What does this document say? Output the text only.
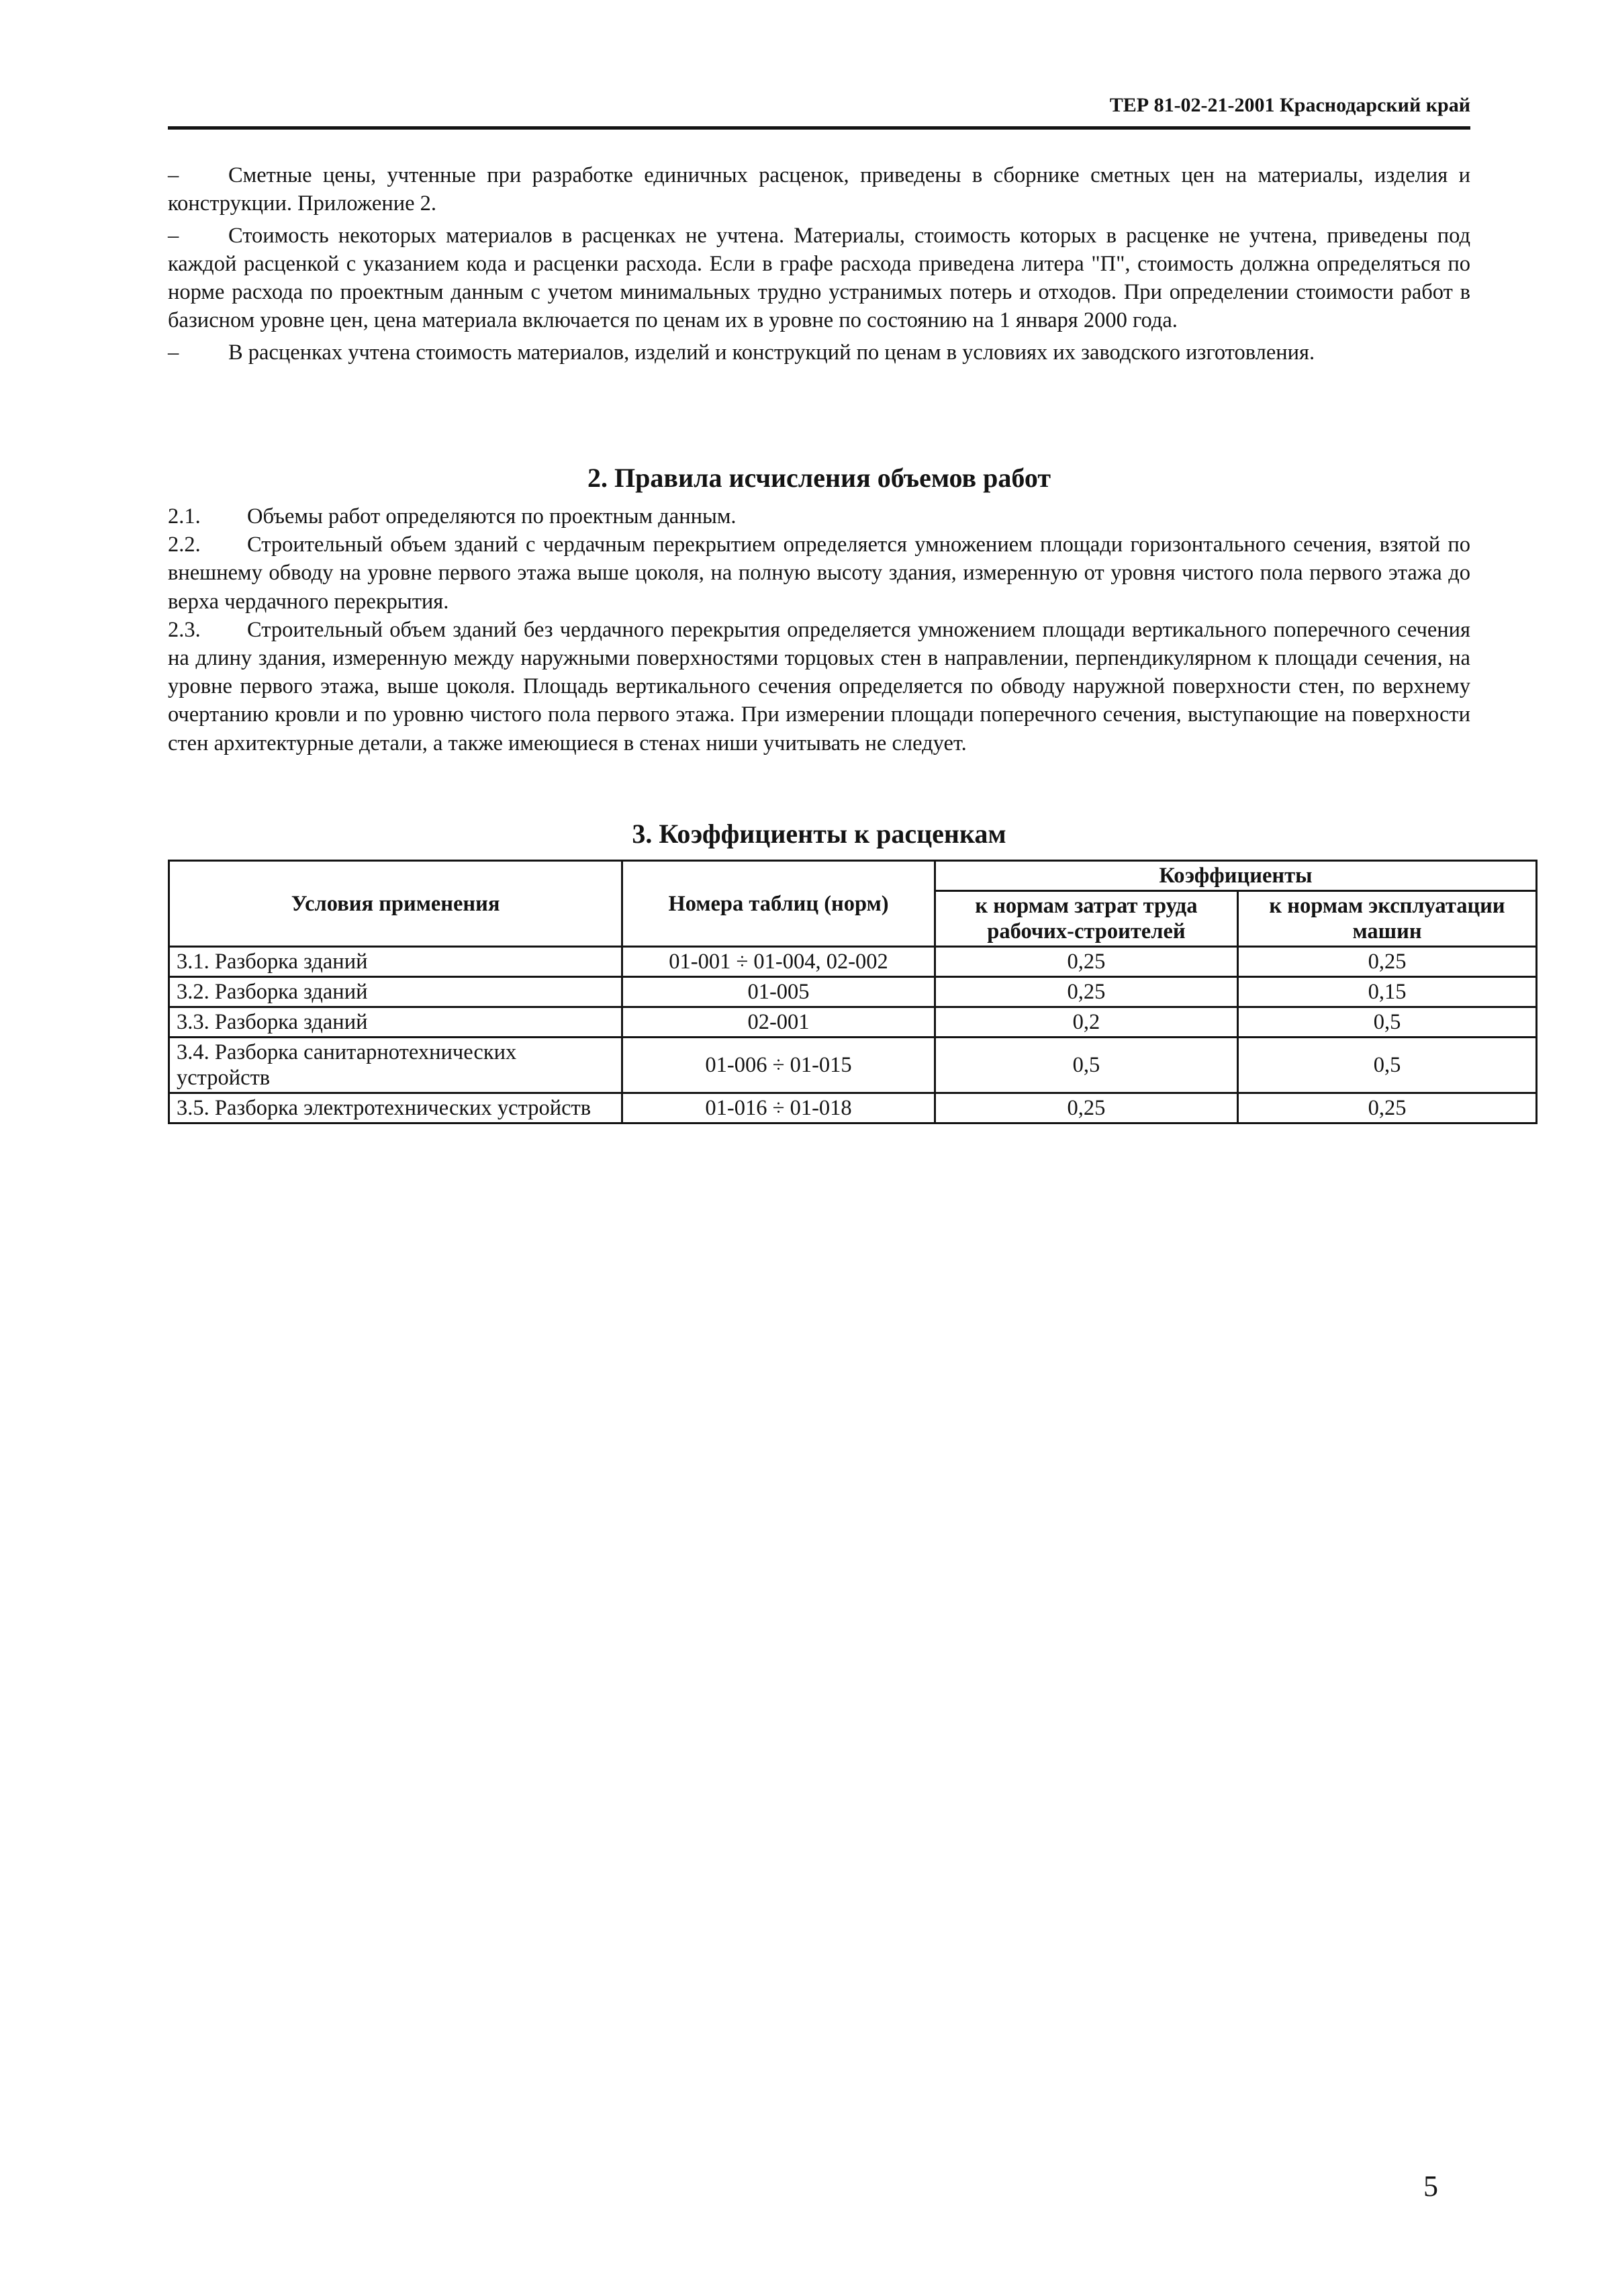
ТЕР 81-02-21-2001 Краснодарский край

– Сметные цены, учтенные при разработке единичных расценок, приведены в сборнике сметных цен на материалы, изделия и конструкции. Приложение 2.

– Стоимость некоторых материалов в расценках не учтена. Материалы, стоимость которых в расценке не учтена, приведены под каждой расценкой с указанием кода и расценки расхода. Если в графе расхода приведена литера "П", стоимость должна определяться по норме расхода по проектным данным с учетом минимальных трудно устранимых потерь и отходов. При определении стоимости работ в базисном уровне цен, цена материала включается по ценам их в уровне по состоянию на 1 января 2000 года.

– В расценках учтена стоимость материалов, изделий и конструкций по ценам в условиях их заводского изготовления.

2. Правила исчисления объемов работ

2.1. Объемы работ определяются по проектным данным.

2.2. Строительный объем зданий с чердачным перекрытием определяется умножением площади горизонтального сечения, взятой по внешнему обводу на уровне первого этажа выше цоколя, на полную высоту здания, измеренную от уровня чистого пола первого этажа до верха чердачного перекрытия.

2.3. Строительный объем зданий без чердачного перекрытия определяется умножением площади вертикального поперечного сечения на длину здания, измеренную между наружными поверхностями торцовых стен в направлении, перпендикулярном к площади сечения, на уровне первого этажа, выше цоколя. Площадь вертикального сечения определяется по обводу наружной поверхности стен, по верхнему очертанию кровли и по уровню чистого пола первого этажа. При измерении площади поперечного сечения, выступающие на поверхности стен архитектурные детали, а также имеющиеся в стенах ниши учитывать не следует.

3. Коэффициенты к расценкам
Условия применения	Номера таблиц (норм)	Коэффициенты	
		к нормам затрат труда рабочих-строителей	к нормам эксплуатации машин
3.1. Разборка зданий	01-001 ÷ 01-004, 02-002	0,25	0,25
3.2. Разборка зданий	01-005	0,25	0,15
3.3. Разборка зданий	02-001	0,2	0,5
3.4. Разборка санитарнотехнических устройств	01-006 ÷ 01-015	0,5	0,5
3.5. Разборка электротехнических устройств	01-016 ÷ 01-018	0,25	0,25
5
